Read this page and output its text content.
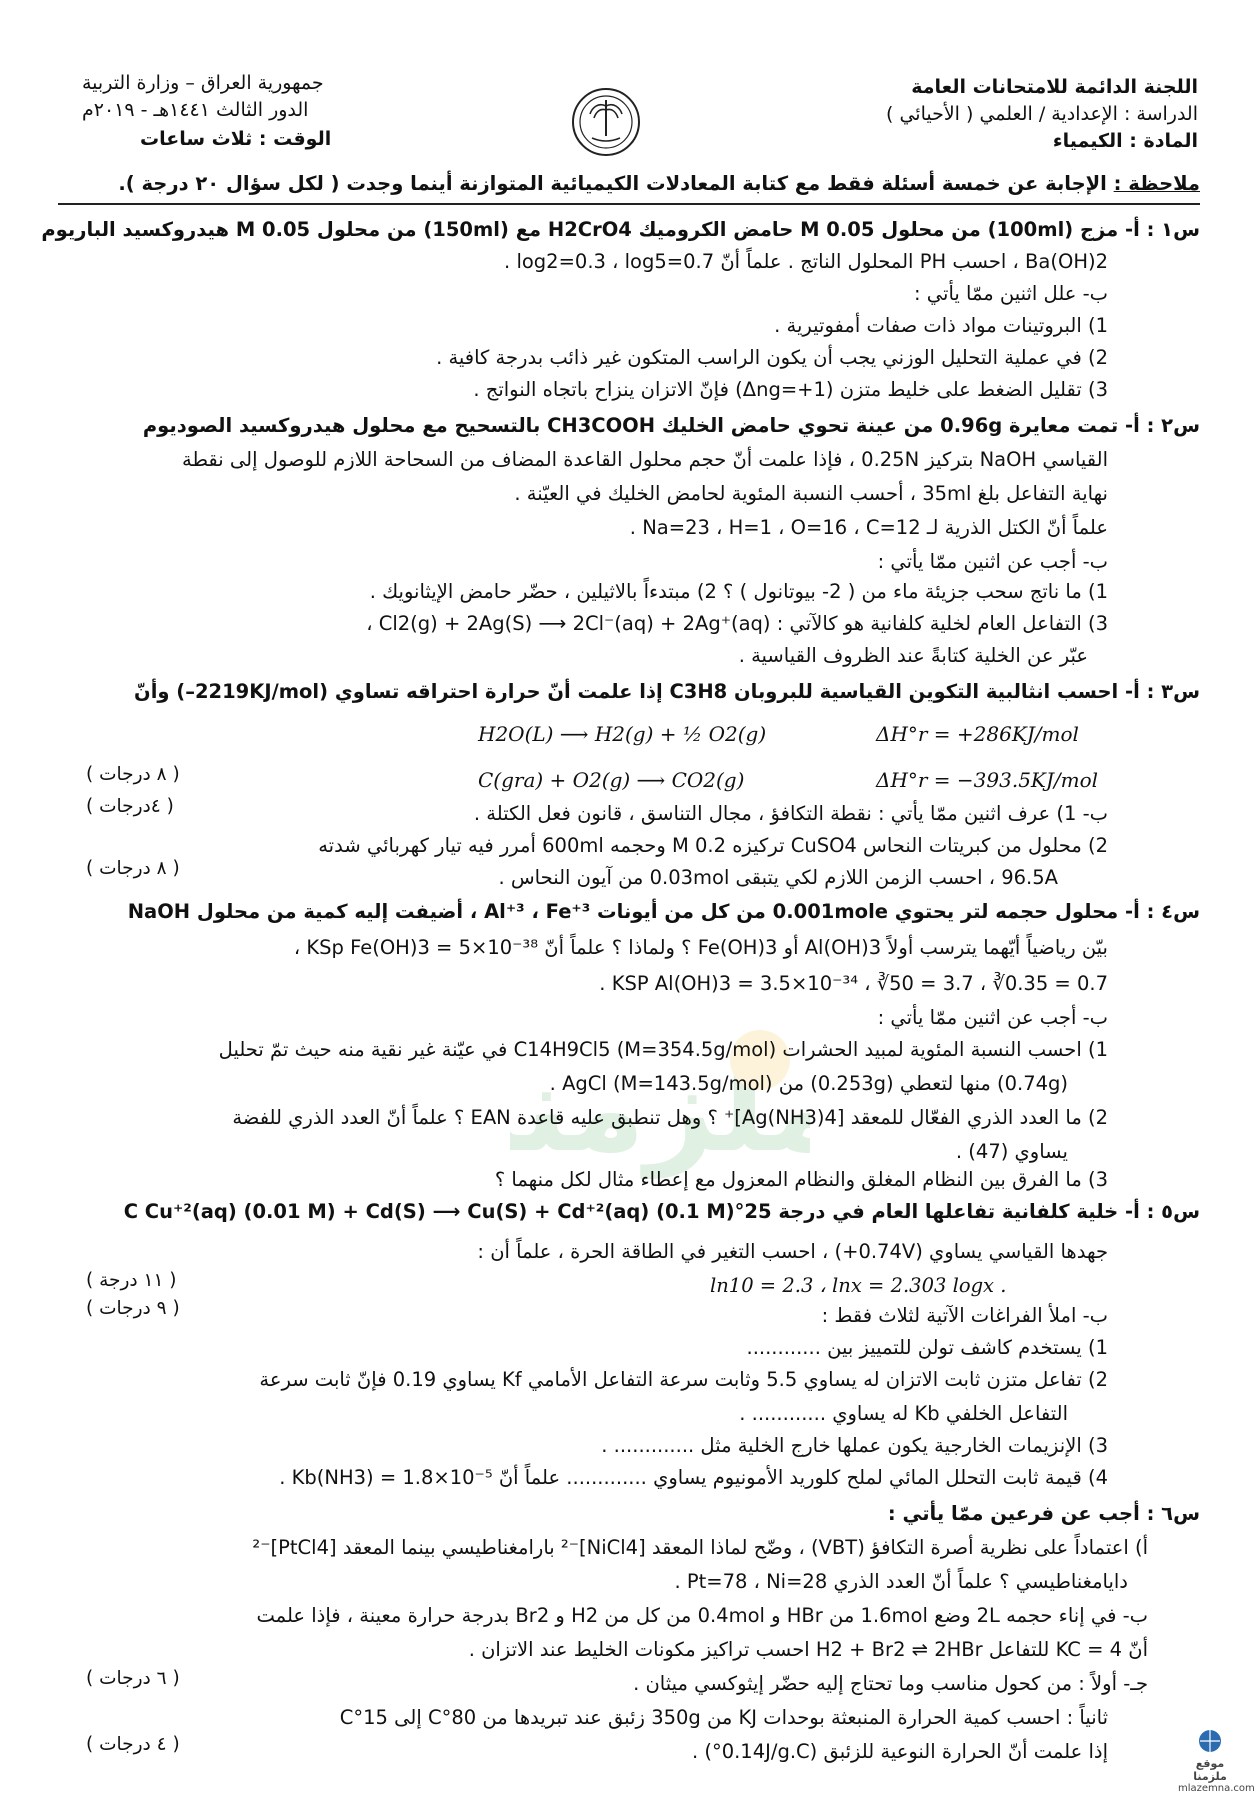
اللجنة الدائمة للامتحانات العامة
الدراسة : الإعدادية / العلمي ( الأحيائي )
المادة : الكيمياء
جمهورية العراق – وزارة التربية
الدور الثالث ١٤٤١هـ - ٢٠١٩م
الوقت : ثلاث ساعات
ملاحظة : الإجابة عن خمسة أسئلة فقط مع كتابة المعادلات الكيميائية المتوازنة أينما وجدت ( لكل سؤال ٢٠ درجة ).
لزمن
س١ : أ- مزج (100ml) من محلول 0.05 M حامض الكروميك H2CrO4 مع (150ml) من محلول 0.05 M هيدروكسيد الباريوم
Ba(OH)2 ، احسب PH المحلول الناتج . علماً أنّ log2=0.3 ، log5=0.7 .
ب- علل اثنين ممّا يأتي :
1) البروتينات مواد ذات صفات أمفوتيرية .
2) في عملية التحليل الوزني يجب أن يكون الراسب المتكون غير ذائب بدرجة كافية .
3) تقليل الضغط على خليط متزن (Δng=+1) فإنّ الاتزان ينزاح باتجاه النواتج .
س٢ : أ- تمت معايرة 0.96g من عينة تحوي حامض الخليك CH3COOH بالتسحيح مع محلول هيدروكسيد الصوديوم
القياسي NaOH بتركيز 0.25N ، فإذا علمت أنّ حجم محلول القاعدة المضاف من السحاحة اللازم للوصول إلى نقطة
نهاية التفاعل بلغ 35ml ، أحسب النسبة المئوية لحامض الخليك في العيّنة .
علماً أنّ الكتل الذرية لـ Na=23 ، H=1 ، O=16 ، C=12 .
ب- أجب عن اثنين ممّا يأتي :
1) ما ناتج سحب جزيئة ماء من ( 2- بيوتانول ) ؟ 2) مبتدءاً بالاثيلين ، حضّر حامض الإيثانويك .
3) التفاعل العام لخلية كلفانية هو كالآتي : Cl2(g) + 2Ag(S) ⟶ 2Cl⁻(aq) + 2Ag⁺(aq) ،
عبّر عن الخلية كتابةً عند الظروف القياسية .
س٣ : أ- احسب انثالبية التكوين القياسية للبروبان C3H8 إذا علمت أنّ حرارة احتراقه تساوي (2219KJ/mol–) وأنّ
H2O(L) ⟶ H2(g) + ½ O2(g)	ΔH°r = +286KJ/mol
C(gra) + O2(g) ⟶ CO2(g)	ΔH°r = −393.5KJ/mol
( ٨ درجات )
ب- 1) عرف اثنين ممّا يأتي : نقطة التكافؤ ، مجال التناسق ، قانون فعل الكتلة .
( ٤درجات )
2) محلول من كبريتات النحاس CuSO4 تركيزه 0.2 M وحجمه 600ml أمرر فيه تيار كهربائي شدته
96.5A ، احسب الزمن اللازم لكي يتبقى 0.03mol من آيون النحاس .
( ٨ درجات )
س٤ : أ- محلول حجمه لتر يحتوي 0.001mole من كل من أيونات Al⁺³ ، Fe⁺³ ، أضيفت إليه كمية من محلول NaOH
بيّن رياضياً أيّهما يترسب أولاً Al(OH)3 أو Fe(OH)3 ؟ ولماذا ؟ علماً أنّ KSp Fe(OH)3 = 5×10⁻³⁸ ،
KSP Al(OH)3 = 3.5×10⁻³⁴ ، ∛50 = 3.7 ، ∛0.35 = 0.7 .
ب- أجب عن اثنين ممّا يأتي :
1) احسب النسبة المئوية لمبيد الحشرات C14H9Cl5 (M=354.5g/mol) في عيّنة غير نقية منه حيث تمّ تحليل
(0.74g) منها لتعطي (0.253g) من AgCl (M=143.5g/mol) .
2) ما العدد الذري الفعّال للمعقد [Ag(NH3)4]⁺ ؟ وهل تنطبق عليه قاعدة EAN ؟ علماً أنّ العدد الذري للفضة
يساوي (47) .
3) ما الفرق بين النظام المغلق والنظام المعزول مع إعطاء مثال لكل منهما ؟
س٥ : أ- خلية كلفانية تفاعلها العام في درجة 25°C Cu⁺²(aq) (0.01 M) + Cd(S) ⟶ Cu(S) + Cd⁺²(aq) (0.1 M)
جهدها القياسي يساوي (0.74V+) ، احسب التغير في الطاقة الحرة ، علماً أن :
ln10 = 2.3 ، lnx = 2.303 logx .
( ١١ درجة )
ب- املأ الفراغات الآتية لثلاث فقط :
( ٩ درجات )
1) يستخدم كاشف تولن للتمييز بين ............
2) تفاعل متزن ثابت الاتزان له يساوي 5.5 وثابت سرعة التفاعل الأمامي Kf يساوي 0.19 فإنّ ثابت سرعة
التفاعل الخلفي Kb له يساوي ............ .
3) الإنزيمات الخارجية يكون عملها خارج الخلية مثل ............. .
4) قيمة ثابت التحلل المائي لملح كلوريد الأمونيوم يساوي ............. علماً أنّ Kb(NH3) = 1.8×10⁻⁵ .
س٦ : أجب عن فرعين ممّا يأتي :
أ) اعتماداً على نظرية أصرة التكافؤ (VBT) ، وضّح لماذا المعقد [NiCl4]⁻² بارامغناطيسي بينما المعقد [PtCl4]⁻²
دايامغناطيسي ؟ علماً أنّ العدد الذري Pt=78 ، Ni=28 .
ب- في إناء حجمه 2L وضع 1.6mol من HBr و 0.4mol من كل من H2 و Br2 بدرجة حرارة معينة ، فإذا علمت
أنّ KC = 4 للتفاعل H2 + Br2 ⇌ 2HBr احسب تراكيز مكونات الخليط عند الاتزان .
جـ- أولاً : من كحول مناسب وما تحتاج إليه حضّر إيثوكسي ميثان .
( ٦ درجات )
ثانياً : احسب كمية الحرارة المنبعثة بوحدات KJ من 350g زئبق عند تبريدها من 80°C إلى 15°C
إذا علمت أنّ الحرارة النوعية للزئبق (0.14J/g.C°) .
( ٤ درجات )
موقع ملزمنا
mlazemna.com
